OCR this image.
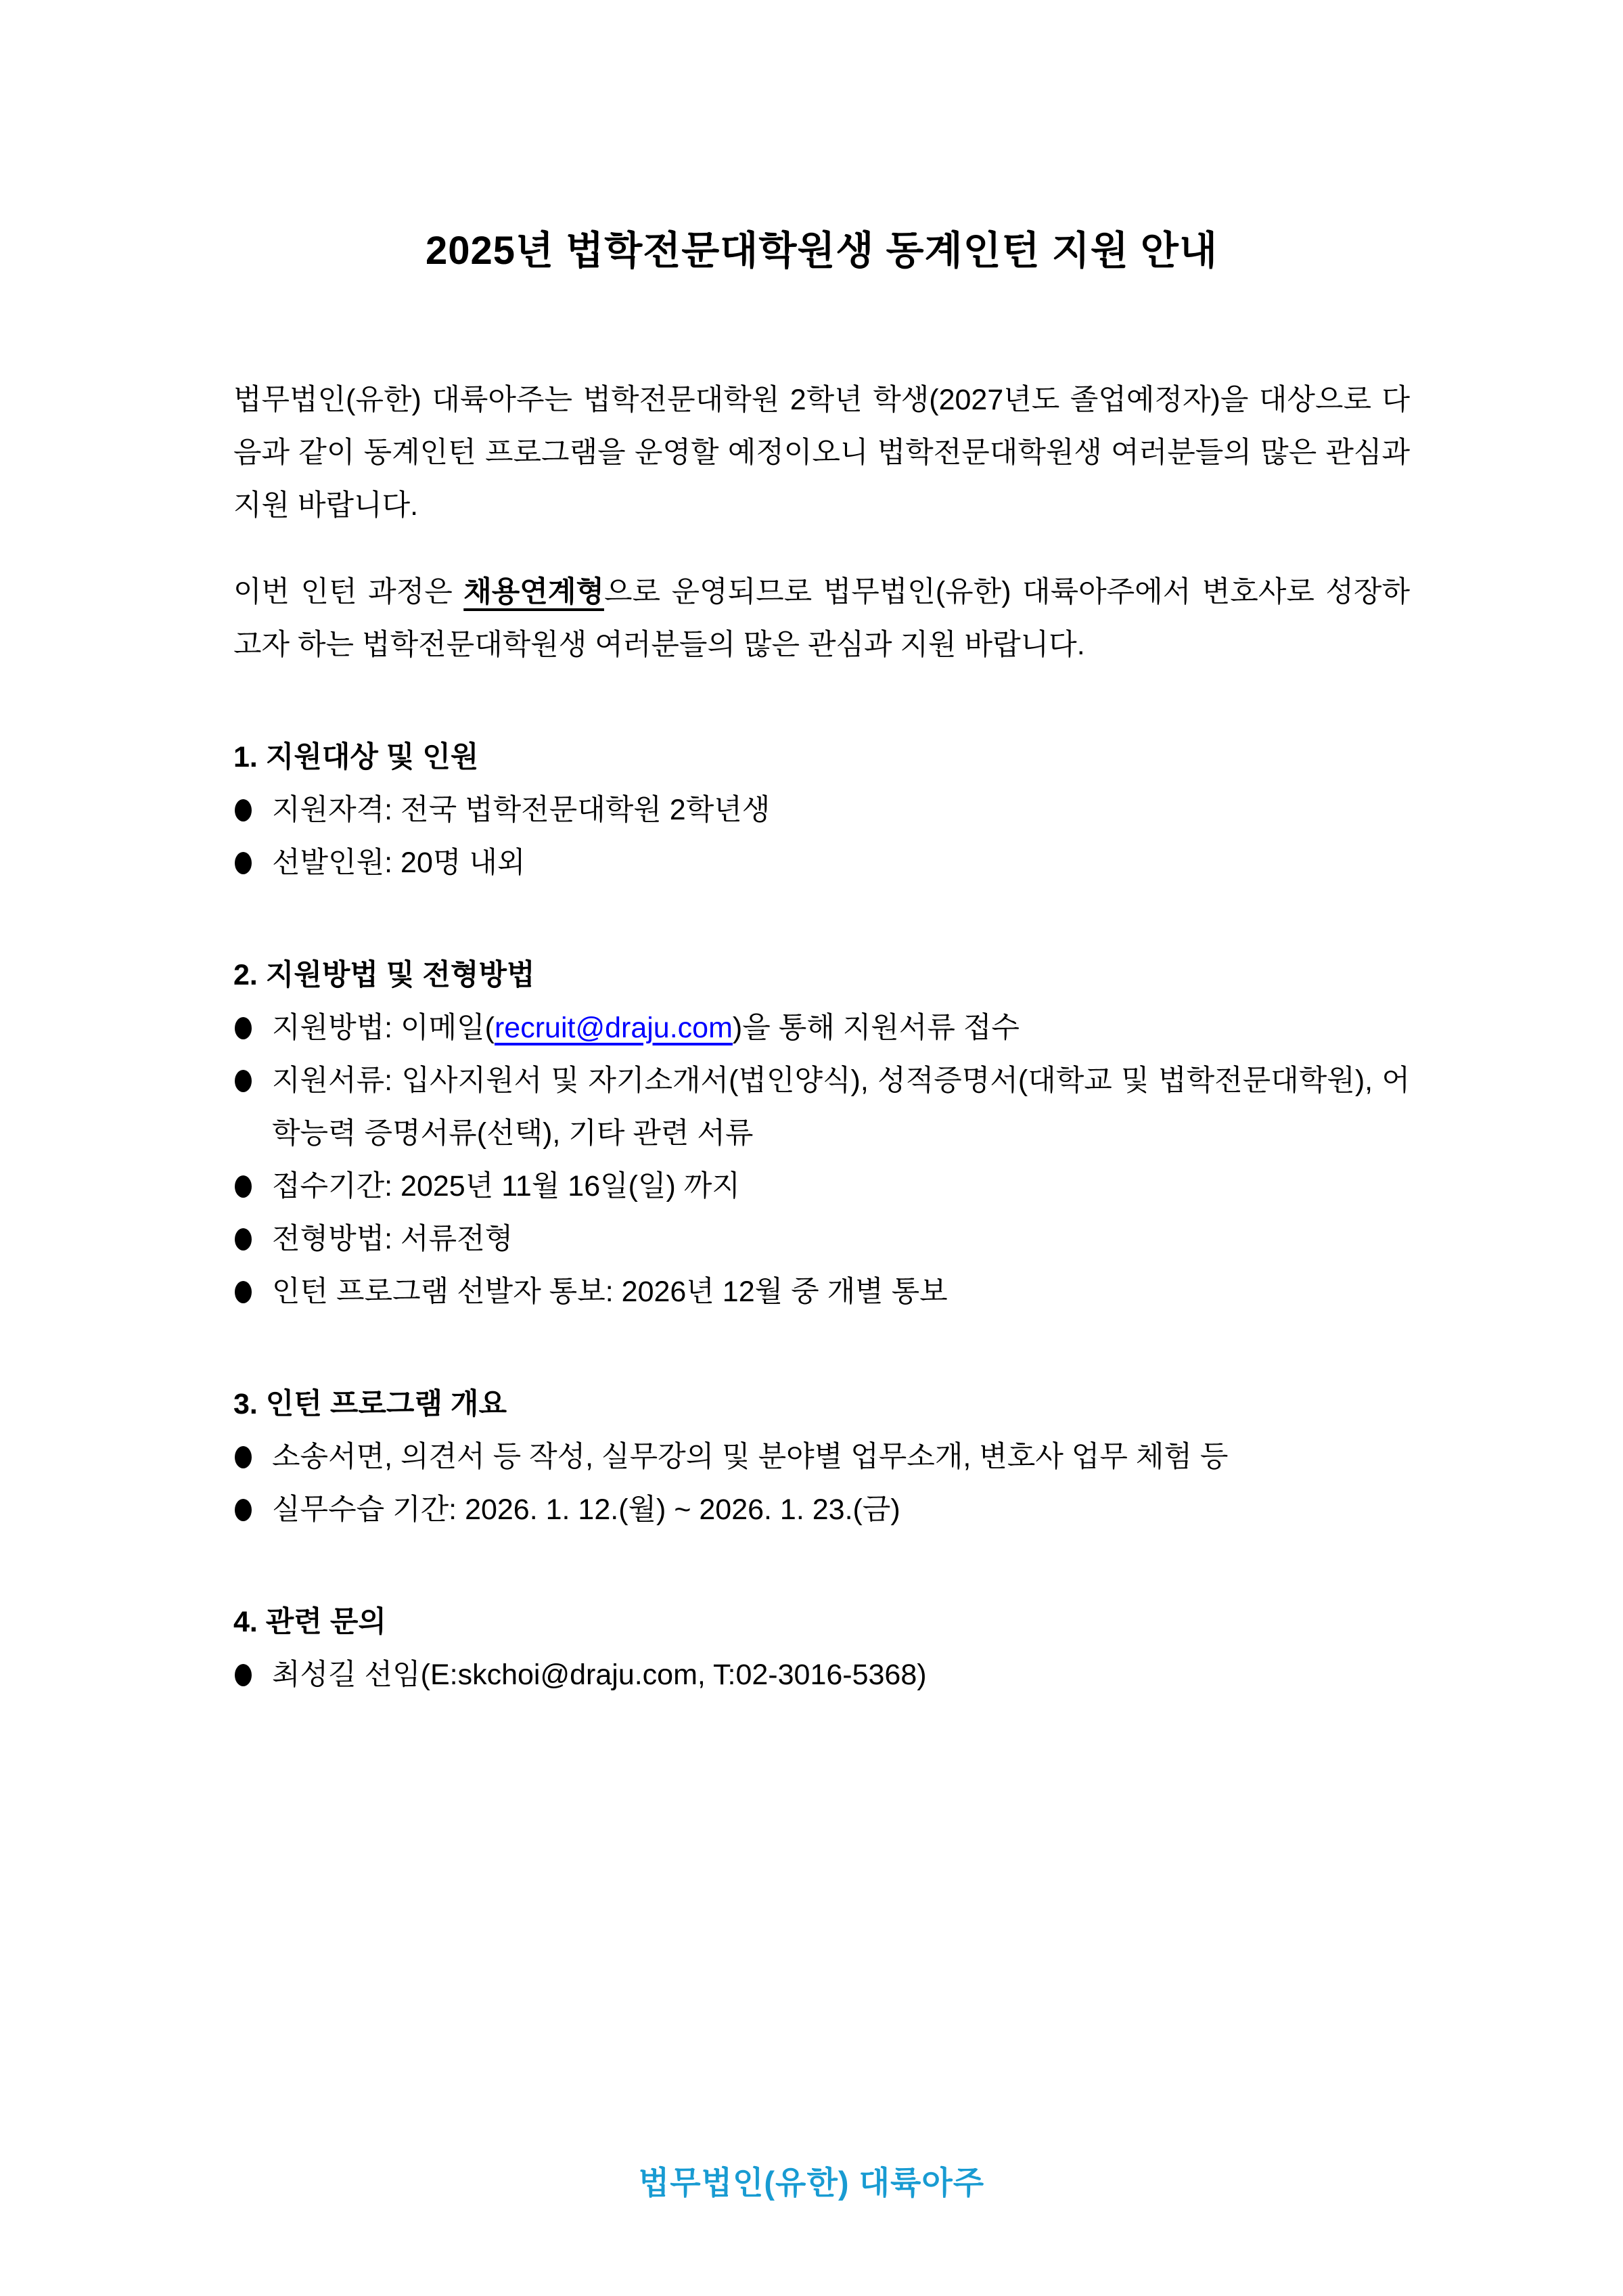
2025년 법학전문대학원생 동계인턴 지원 안내

법무법인(유한) 대륙아주는 법학전문대학원 2학년 학생(2027년도 졸업예정자)을 대상으로 다음과 같이 동계인턴 프로그램을 운영할 예정이오니 법학전문대학원생 여러분들의 많은 관심과 지원 바랍니다.

이번 인턴 과정은 채용연계형으로 운영되므로 법무법인(유한) 대륙아주에서 변호사로 성장하고자 하는 법학전문대학원생 여러분들의 많은 관심과 지원 바랍니다.

1. 지원대상 및 인원
지원자격: 전국 법학전문대학원 2학년생
선발인원: 20명 내외
2. 지원방법 및 전형방법
지원방법: 이메일(recruit@draju.com)을 통해 지원서류 접수
지원서류: 입사지원서 및 자기소개서(법인양식), 성적증명서(대학교 및 법학전문대학원), 어학능력 증명서류(선택), 기타 관련 서류
접수기간: 2025년 11월 16일(일) 까지
전형방법: 서류전형
인턴 프로그램 선발자 통보: 2026년 12월 중 개별 통보
3. 인턴 프로그램 개요
소송서면, 의견서 등 작성, 실무강의 및 분야별 업무소개, 변호사 업무 체험 등
실무수습 기간: 2026. 1. 12.(월) ~ 2026. 1. 23.(금)
4. 관련 문의
최성길 선임(E:skchoi@draju.com, T:02-3016-5368)
법무법인(유한) 대륙아주
